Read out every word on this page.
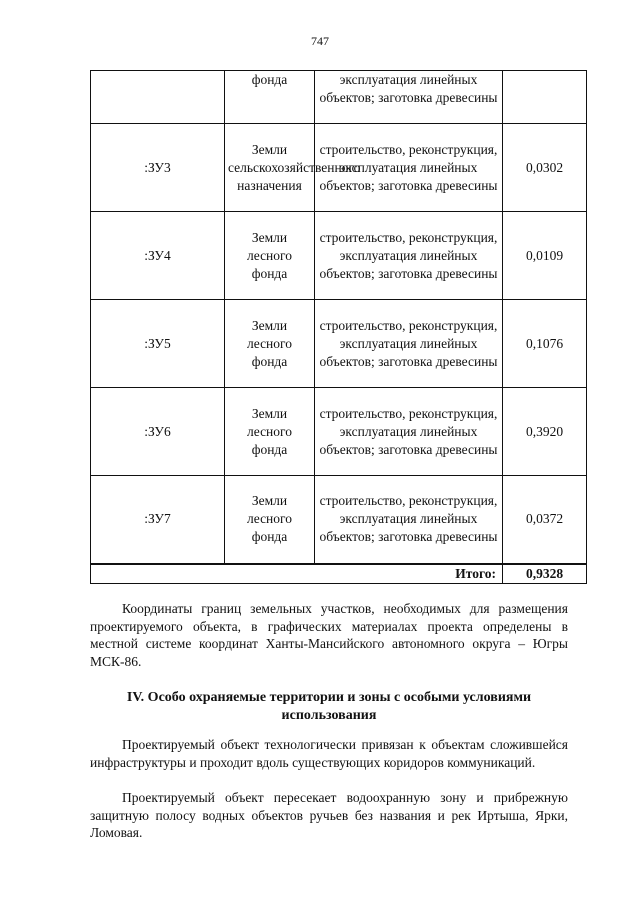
747
	фонда	эксплуатация линейных объектов; заготовка древесины	
:ЗУ3	Земли сельскохозяйственного назначения	строительство, реконструкция, эксплуатация линейных объектов; заготовка древесины	0,0302
:ЗУ4	Земли лесного фонда	строительство, реконструкция, эксплуатация линейных объектов; заготовка древесины	0,0109
:ЗУ5	Земли лесного фонда	строительство, реконструкция, эксплуатация линейных объектов; заготовка древесины	0,1076
:ЗУ6	Земли лесного фонда	строительство, реконструкция, эксплуатация линейных объектов; заготовка древесины	0,3920
:ЗУ7	Земли лесного фонда	строительство, реконструкция, эксплуатация линейных объектов; заготовка древесины	0,0372
Итого:			0,9328

Координаты границ земельных участков, необходимых для размещения проектируемого объекта, в графических материалах проекта определены в местной системе координат Ханты-Мансийского автономного округа – Югры МСК-86.

IV. Особо охраняемые территории и зоны с особыми условиями использования

Проектируемый объект технологически привязан к объектам сложившейся инфраструктуры и проходит вдоль существующих коридоров коммуникаций.

Проектируемый объект пересекает водоохранную зону и прибрежную защитную полосу водных объектов ручьев без названия и рек Иртыша, Ярки, Ломовая.
